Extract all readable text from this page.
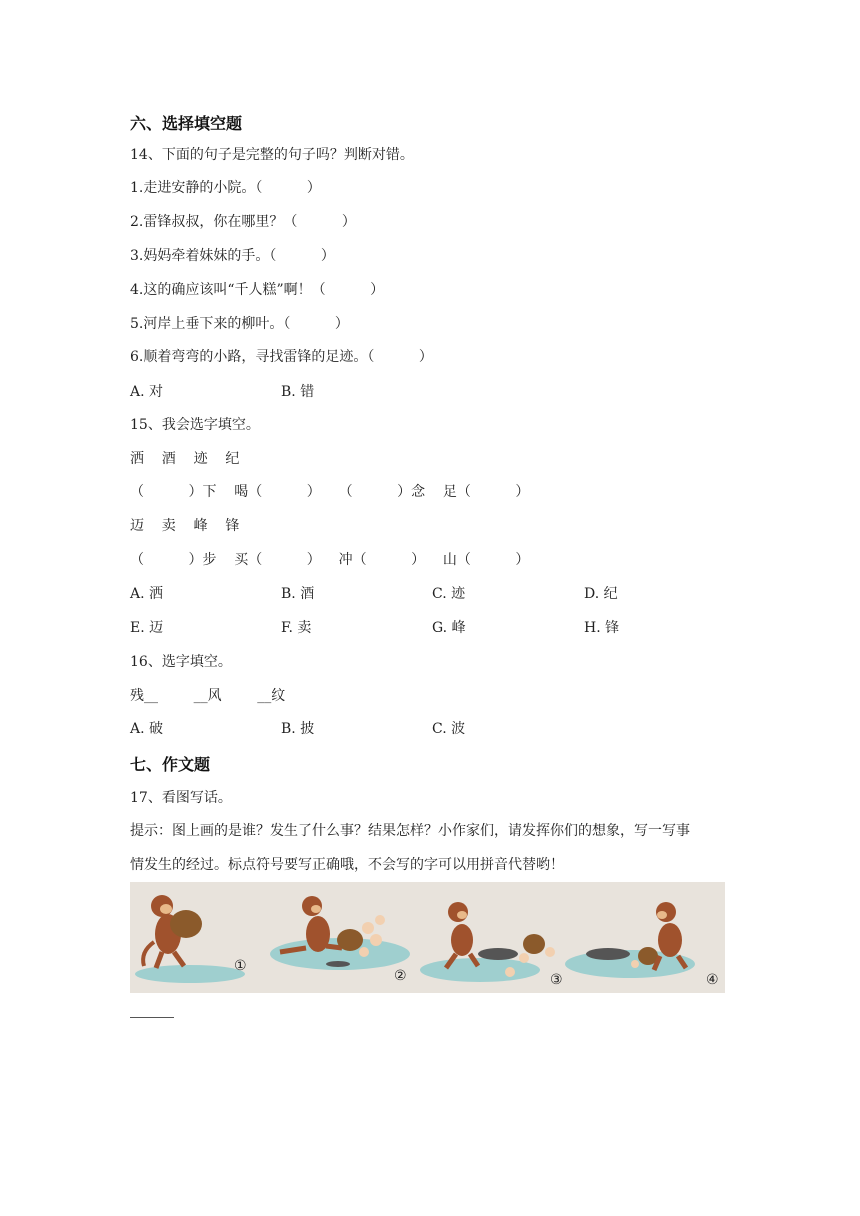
六、选择填空题
14、下面的句子是完整的句子吗？判断对错。
1.走进安静的小院。（          ）
2.雷锋叔叔，你在哪里？（          ）
3.妈妈牵着妹妹的手。（          ）
4.这的确应该叫“千人糕”啊！（          ）
5.河岸上垂下来的柳叶。（          ）
6.顺着弯弯的小路，寻找雷锋的足迹。（          ）
A. 对	B. 错
15、我会选字填空。
洒    酒    迹    纪
（          ）下    喝（          ）    （          ）念    足（          ）
迈    卖    峰    锋
（          ）步    买（          ）    冲（          ）    山（          ）
A. 洒	B. 酒	C. 迹	D. 纪
E. 迈	F. 卖	G. 峰	H. 锋
16、选字填空。
残__        __风        __纹
A. 破	B. 披	C. 波
七、作文题
17、看图写话。
提示：图上画的是谁？发生了什么事？结果怎样？小作家们，请发挥你们的想象，写一写事
情发生的经过。标点符号要写正确哦，不会写的字可以用拼音代替哟！
①
②	③	④
